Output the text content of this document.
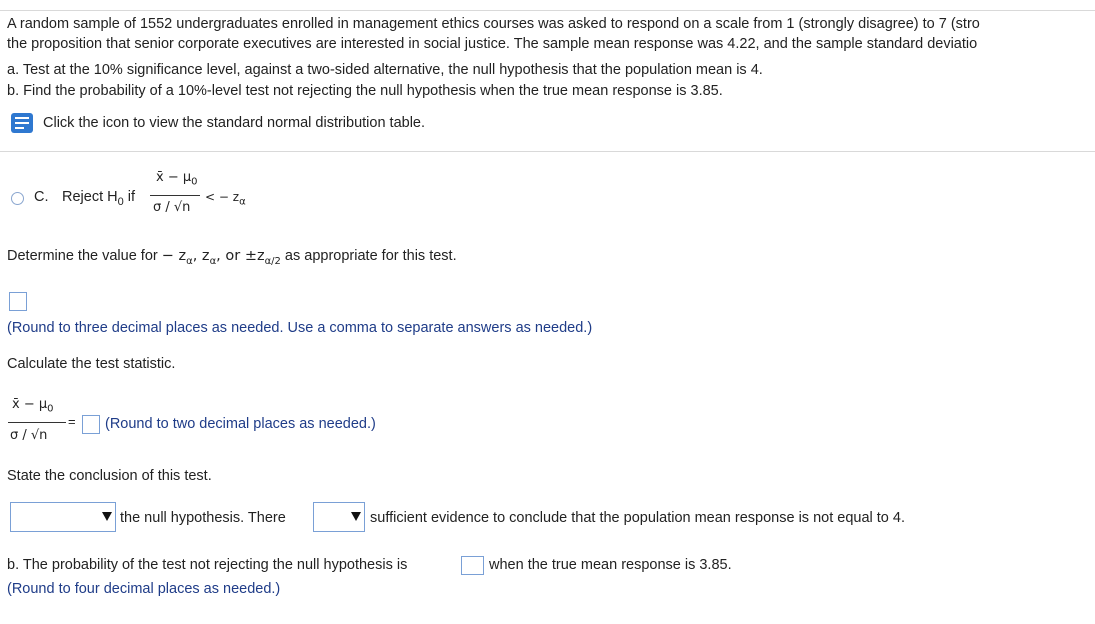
A random sample of 1552 undergraduates enrolled in management ethics courses was asked to respond on a scale from 1 (strongly disagree) to 7 (stro
the proposition that senior corporate executives are interested in social justice. The sample mean response was 4.22, and the sample standard deviatio
a. Test at the 10% significance level, against a two-sided alternative, the null hypothesis that the population mean is 4.
b. Find the probability of a 10%-level test not rejecting the null hypothesis when the true mean response is 3.85.
Click the icon to view the standard normal distribution table.
C. Reject $H_0$ if
x̄ − $\mu_0$
σ / √n
< − $z_\alpha$
Determine the value for − $z_\alpha$, $z_\alpha$, or $\pm z_{\alpha/2}$ as appropriate for this test.
(Round to three decimal places as needed. Use a comma to separate answers as needed.)
Calculate the test statistic.
x̄ − $\mu_0$
σ / √n
= (Round to two decimal places as needed.)
State the conclusion of this test.
the null hypothesis. There	sufficient evidence to conclude that the population mean response is not equal to 4.
b. The probability of the test not rejecting the null hypothesis is	when the true mean response is 3.85.
(Round to four decimal places as needed.)
